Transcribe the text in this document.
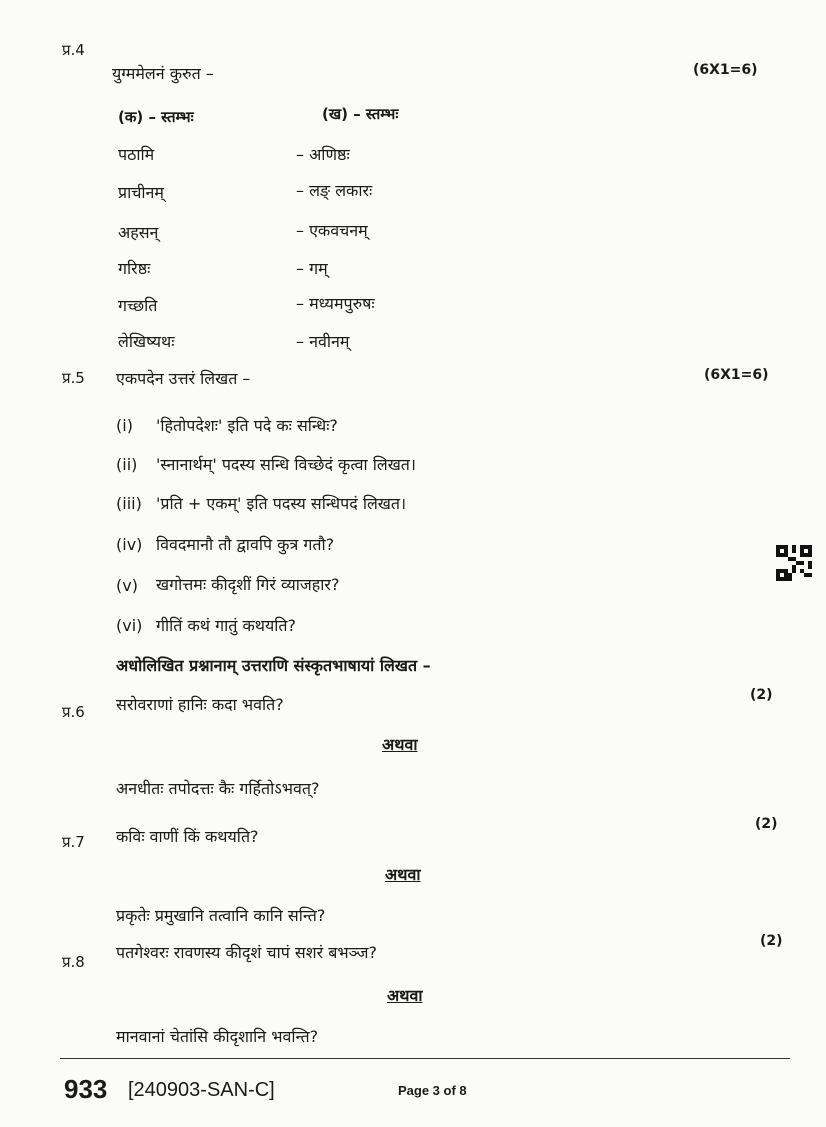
प्र.4
युग्ममेलनं कुरुत –	(6X1=6)
(क) – स्तम्भः	(ख) – स्तम्भः
पठामि	– अणिष्ठः
प्राचीनम्	– लङ् लकारः
अहसन्	– एकवचनम्
गरिष्ठः	– गम्
गच्छति	– मध्यमपुरुषः
लेखिष्यथः	– नवीनम्
प्र.5 एकपदेन उत्तरं लिखत –	(6X1=6)
(i) 'हितोपदेशः' इति पदे कः सन्धिः?
(ii) 'स्नानार्थम्' पदस्य सन्धि विच्छेदं कृत्वा लिखत।
(iii) 'प्रति + एकम्' इति पदस्य सन्धिपदं लिखत।
(iv) विवदमानौ तौ द्वावपि कुत्र गतौ?
(v) खगोत्तमः कीदृशीं गिरं व्याजहार?
(vi) गीतिं कथं गातुं कथयति?
अधोलिखित प्रश्नानाम् उत्तराणि संस्कृतभाषायां लिखत –
प्र.6 सरोवराणां हानिः कदा भवति?	(2)
अथवा
अनधीतः तपोदत्तः कैः गर्हितोऽभवत्?
प्र.7 कविः वाणीं किं कथयति?
(2)
अथवा
प्रकृतेः प्रमुखानि तत्वानि कानि सन्ति?
प्र.8 पतगेश्वरः रावणस्य कीदृशं चापं सशरं बभञ्ज?
(2)
अथवा
मानवानां चेतांसि कीदृशानि भवन्ति?
933 [240903-SAN-C]	Page 3 of 8
